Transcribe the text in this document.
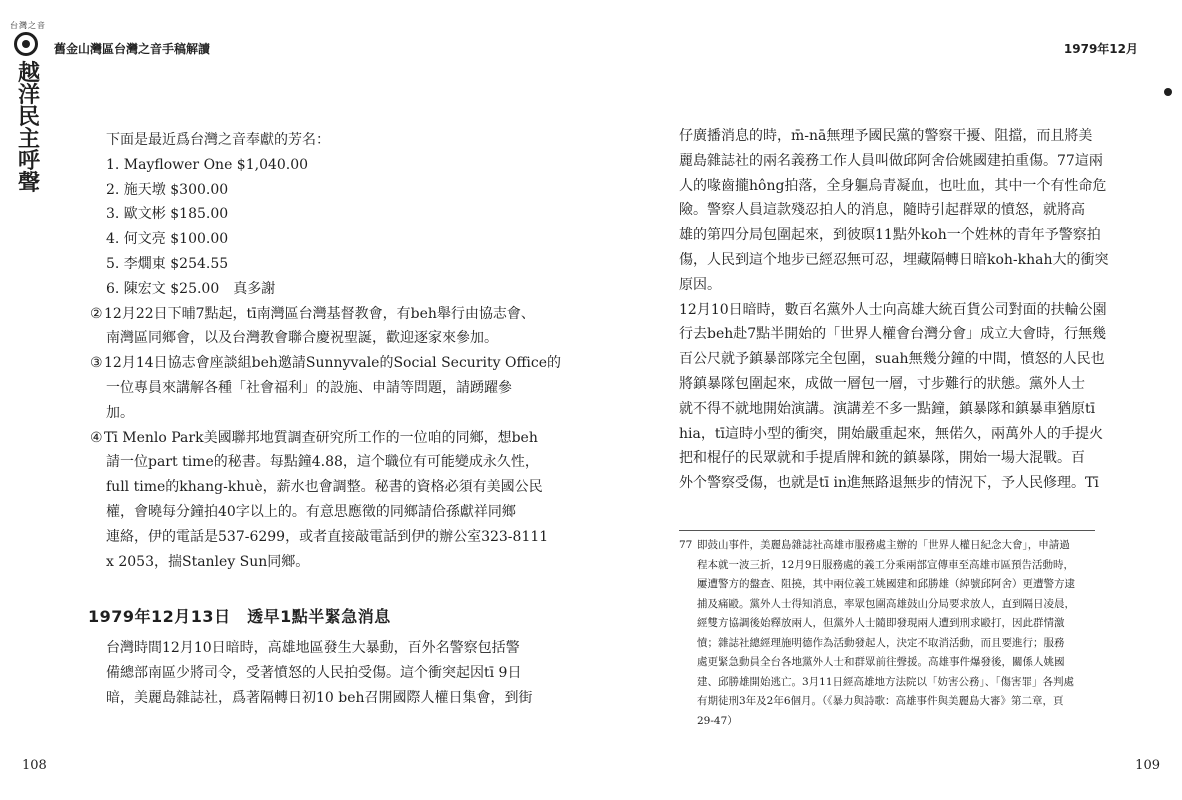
台灣之音
越洋民主呼聲
舊金山灣區台灣之音手稿解讀
下面是最近爲台灣之音奉獻的芳名：
1. Mayflower One $1,040.00
2. 施天墩 $300.00
3. 歐文彬 $185.00
4. 何文亮 $100.00
5. 李燗東 $254.55
6. 陳宏文 $25.00　真多謝
②12月22日下晡7點起，tī南灣區台灣基督教會，有beh舉行由協志會、
南灣區同鄉會，以及台灣教會聯合慶祝聖誕，歡迎逐家來參加。
③12月14日協志會座談組beh邀請Sunnyvale的Social Security Office的
一位專員來講解各種「社會福利」的設施、申請等問題，請踴躍參
加。
④Tī Menlo Park美國聯邦地質調查研究所工作的一位咱的同鄉，想beh
請一位part time的秘書。每點鐘4.88，這个職位有可能變成永久性，
full time的khang-khuè，薪水也會調整。秘書的資格必須有美國公民
權，會曉每分鐘拍40字以上的。有意思應徵的同鄉請佮孫獻祥同鄉
連絡，伊的電話是537-6299，或者直接敲電話到伊的辦公室323-8111
x 2053，揣Stanley Sun同鄉。
1979年12月13日　透早1點半緊急消息
台灣時間12月10日暗時，高雄地區發生大暴動，百外名警察包括警
備總部南區少將司令，受著憤怒的人民拍受傷。這个衝突起因tī 9日
暗，美麗島雜誌社，爲著隔轉日初10 beh召開國際人權日集會，到街
108
1979年12月
仔廣播消息的時，m̄-nā無理予國民黨的警察干擾、阻擋，而且將美
麗島雜誌社的兩名義務工作人員叫做邱阿舍佮姚國建拍重傷。77這兩
人的喙齒攏hông拍落，全身軀烏青凝血，也吐血，其中一个有性命危
險。警察人員這款殘忍拍人的消息，隨時引起群眾的憤怒，就將高
雄的第四分局包圍起來，到彼暝11點外koh一个姓林的青年予警察拍
傷，人民到這个地步已經忍無可忍，埋藏隔轉日暗koh-khah大的衝突
原因。
12月10日暗時，數百名黨外人士向高雄大統百貨公司對面的扶輪公園
行去beh赴7點半開始的「世界人權會台灣分會」成立大會時，行無幾
百公尺就予鎮暴部隊完全包圍，suah無幾分鐘的中間，憤怒的人民也
將鎮暴隊包圍起來，成做一層包一層，寸步難行的狀態。黨外人士
就不得不就地開始演講。演講差不多一點鐘，鎮暴隊和鎮暴車猶原tī
hia，tī這時小型的衝突，開始嚴重起來，無偌久，兩萬外人的手提火
把和棍仔的民眾就和手提盾牌和銃的鎮暴隊，開始一場大混戰。百
外个警察受傷，也就是tī in進無路退無步的情況下，予人民修理。Tī
77 即鼓山事件，美麗島雜誌社高雄市服務處主辦的「世界人權日紀念大會」，申請過
程本就一波三折，12月9日服務處的義工分乘兩部宣傳車至高雄市區預告活動時，
屢遭警方的盤查、阻撓，其中兩位義工姚國建和邱勝雄（綽號邱阿舍）更遭警方逮
捕及痛毆。黨外人士得知消息，率眾包圍高雄鼓山分局要求放人，直到隔日凌晨，
經雙方協調後始釋放兩人，但黨外人士隨即發現兩人遭到刑求毆打，因此群情激
憤；雜誌社總經理施明德作為活動發起人，決定不取消活動，而且要進行；服務
處更緊急動員全台各地黨外人士和群眾前往聲援。高雄事件爆發後，關係人姚國
建、邱勝雄開始逃亡。3月11日經高雄地方法院以「妨害公務」、「傷害罪」各判處
有期徒刑3年及2年6個月。（《暴力與詩歌：高雄事件與美麗島大審》第二章，頁
29-47）
109
